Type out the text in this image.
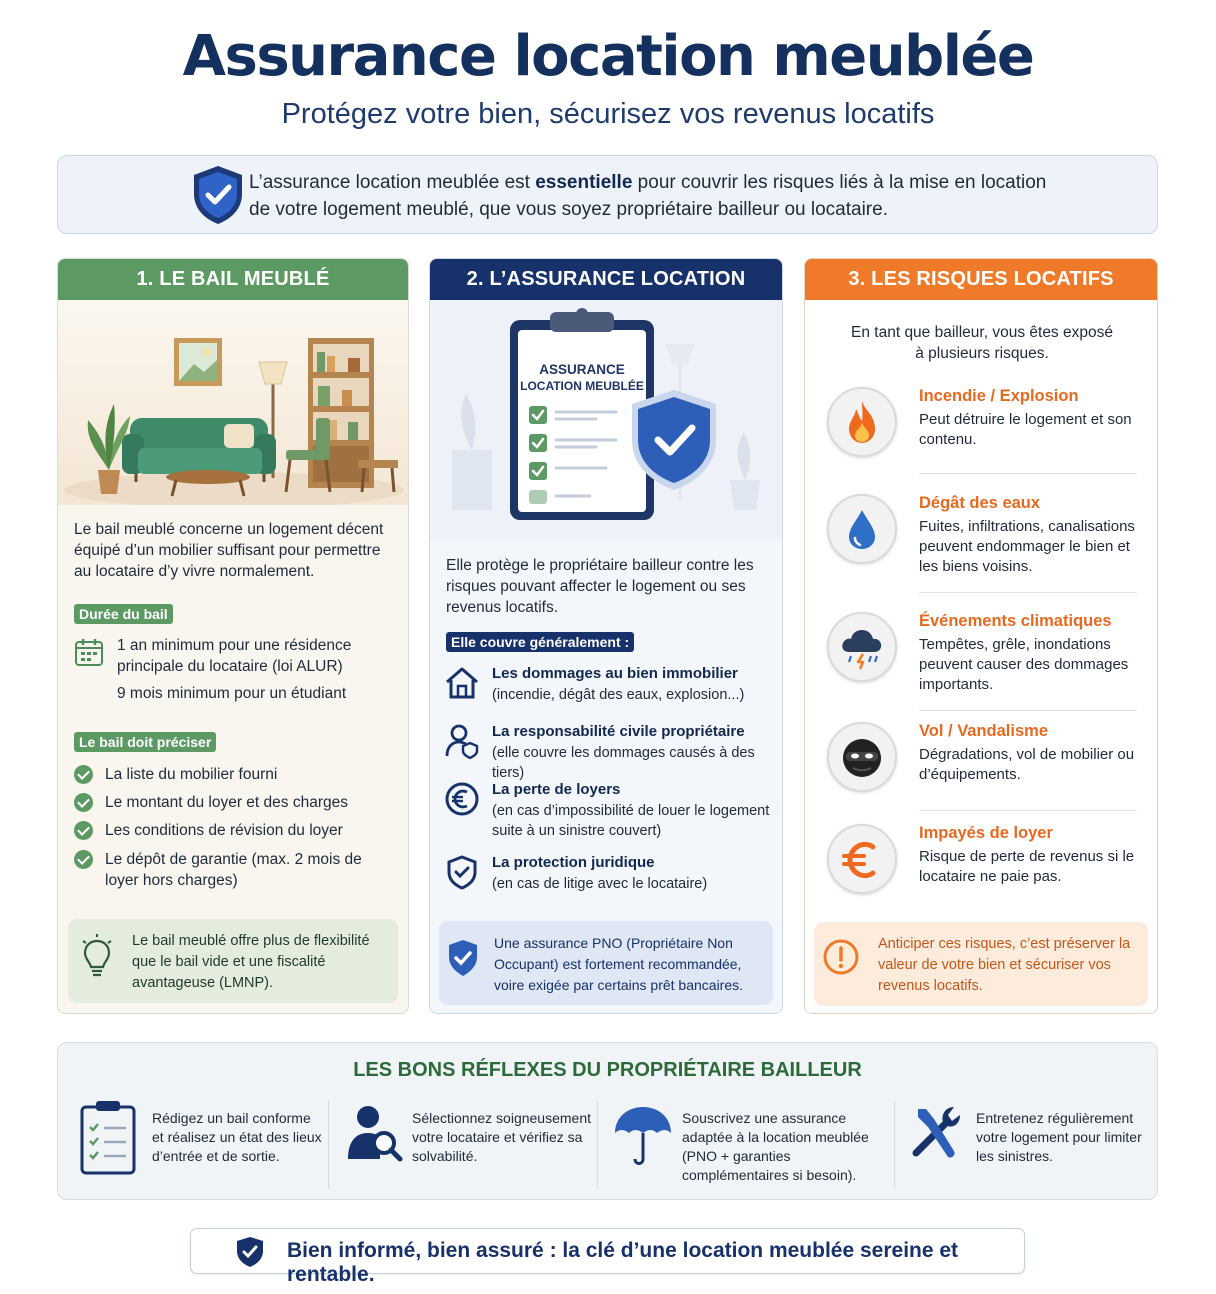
Assurance location meublée
Protégez votre bien, sécurisez vos revenus locatifs
L’assurance location meublée est essentielle pour couvrir les risques liés à la mise en location de votre logement meublé, que vous soyez propriétaire bailleur ou locataire.
1. LE BAIL MEUBLÉ
Le bail meublé concerne un logement décent équipé d’un mobilier suffisant pour permettre au locataire d’y vivre normalement.
Durée du bail
1 an minimum pour une résidence principale du locataire (loi ALUR)
9 mois minimum pour un étudiant
Le bail doit préciser
La liste du mobilier fourni
Le montant du loyer et des charges
Les conditions de révision du loyer
Le dépôt de garantie (max. 2 mois de loyer hors charges)
Le bail meublé offre plus de flexibilité que le bail vide et une fiscalité avantageuse (LMNP).
2. L’ASSURANCE LOCATION
ASSURANCE
LOCATION MEUBLÉE
Elle protège le propriétaire bailleur contre les risques pouvant affecter le logement ou ses revenus locatifs.
Elle couvre généralement :
Les dommages au bien immobilier
(incendie, dégât des eaux, explosion...)
La responsabilité civile propriétaire
(elle couvre les dommages causés à des tiers)
La perte de loyers
(en cas d’impossibilité de louer le logement suite à un sinistre couvert)
La protection juridique
(en cas de litige avec le locataire)
Une assurance PNO (Propriétaire Non Occupant) est fortement recommandée, voire exigée par certains prêt bancaires.
3. LES RISQUES LOCATIFS
En tant que bailleur, vous êtes exposé à plusieurs risques.
Incendie / Explosion
Peut détruire le logement et son contenu.
Dégât des eaux
Fuites, infiltrations, canalisations peuvent endommager le bien et les biens voisins.
Événements climatiques
Tempêtes, grêle, inondations peuvent causer des dommages importants.
Vol / Vandalisme
Dégradations, vol de mobilier ou d’équipements.
Impayés de loyer
Risque de perte de revenus si le locataire ne paie pas.
Anticiper ces risques, c’est préserver la valeur de votre bien et sécuriser vos revenus locatifs.
LES BONS RÉFLEXES DU PROPRIÉTAIRE BAILLEUR
Rédigez un bail conforme et réalisez un état des lieux d’entrée et de sortie.
Sélectionnez soigneusement votre locataire et vérifiez sa solvabilité.
Souscrivez une assurance adaptée à la location meublée (PNO + garanties complémentaires si besoin).
Entretenez régulièrement votre logement pour limiter les sinistres.
Bien informé, bien assuré : la clé d’une location meublée sereine et rentable.
